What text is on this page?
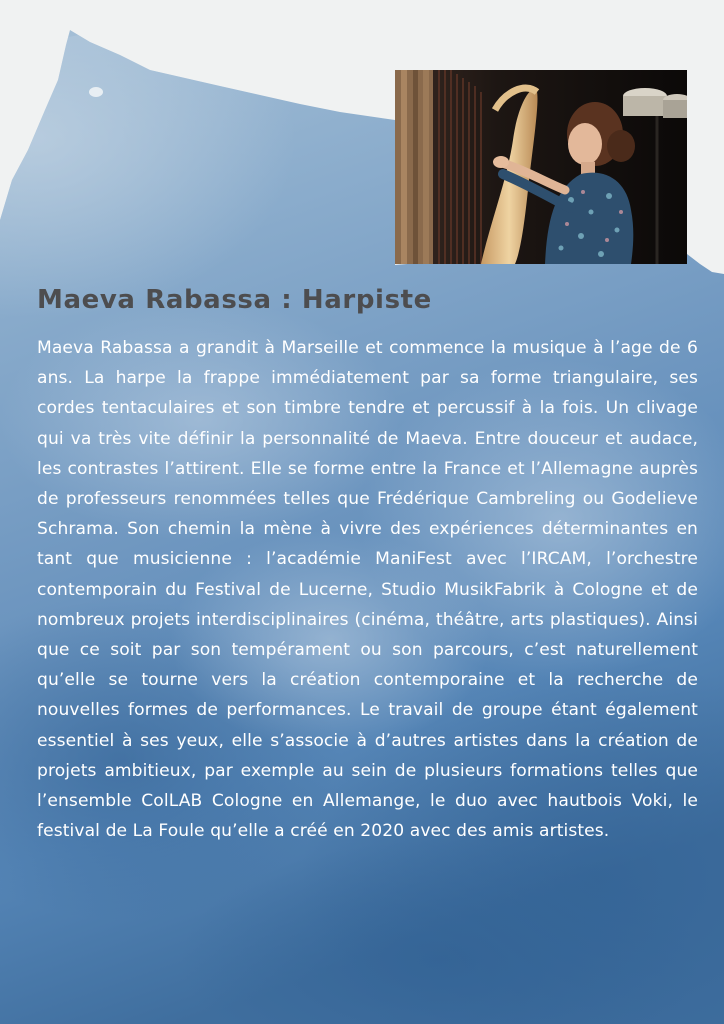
Maeva Rabassa : Harpiste

Maeva Rabassa a grandit à Marseille et commence la musique à l’age de 6 ans. La harpe la frappe immédiatement par sa forme triangulaire, ses cordes tentaculaires et son timbre tendre et percussif à la fois. Un clivage qui va très vite définir la personnalité de Maeva. Entre douceur et audace, les contrastes l’attirent. Elle se forme entre la France et l’Allemagne auprès de professeurs renommées telles que Frédérique Cambreling ou Godelieve Schrama. Son chemin la mène à vivre des expériences déterminantes en tant que musicienne : l’académie ManiFest avec l’IRCAM, l’orchestre contemporain du Festival de Lucerne, Studio MusikFabrik à Cologne et de nombreux projets interdisciplinaires (cinéma, théâtre, arts plastiques). Ainsi que ce soit par son tempérament ou son parcours, c’est naturellement qu’elle se tourne vers la création contemporaine et la recherche de nouvelles formes de performances. Le travail de groupe étant également essentiel à ses yeux, elle s’associe à d’autres artistes dans la création de projets ambitieux, par exemple au sein de plusieurs formations telles que l’ensemble ColLAB Cologne en Allemange, le duo avec hautbois Voki, le festival de La Foule qu’elle a créé en 2020 avec des amis artistes.
